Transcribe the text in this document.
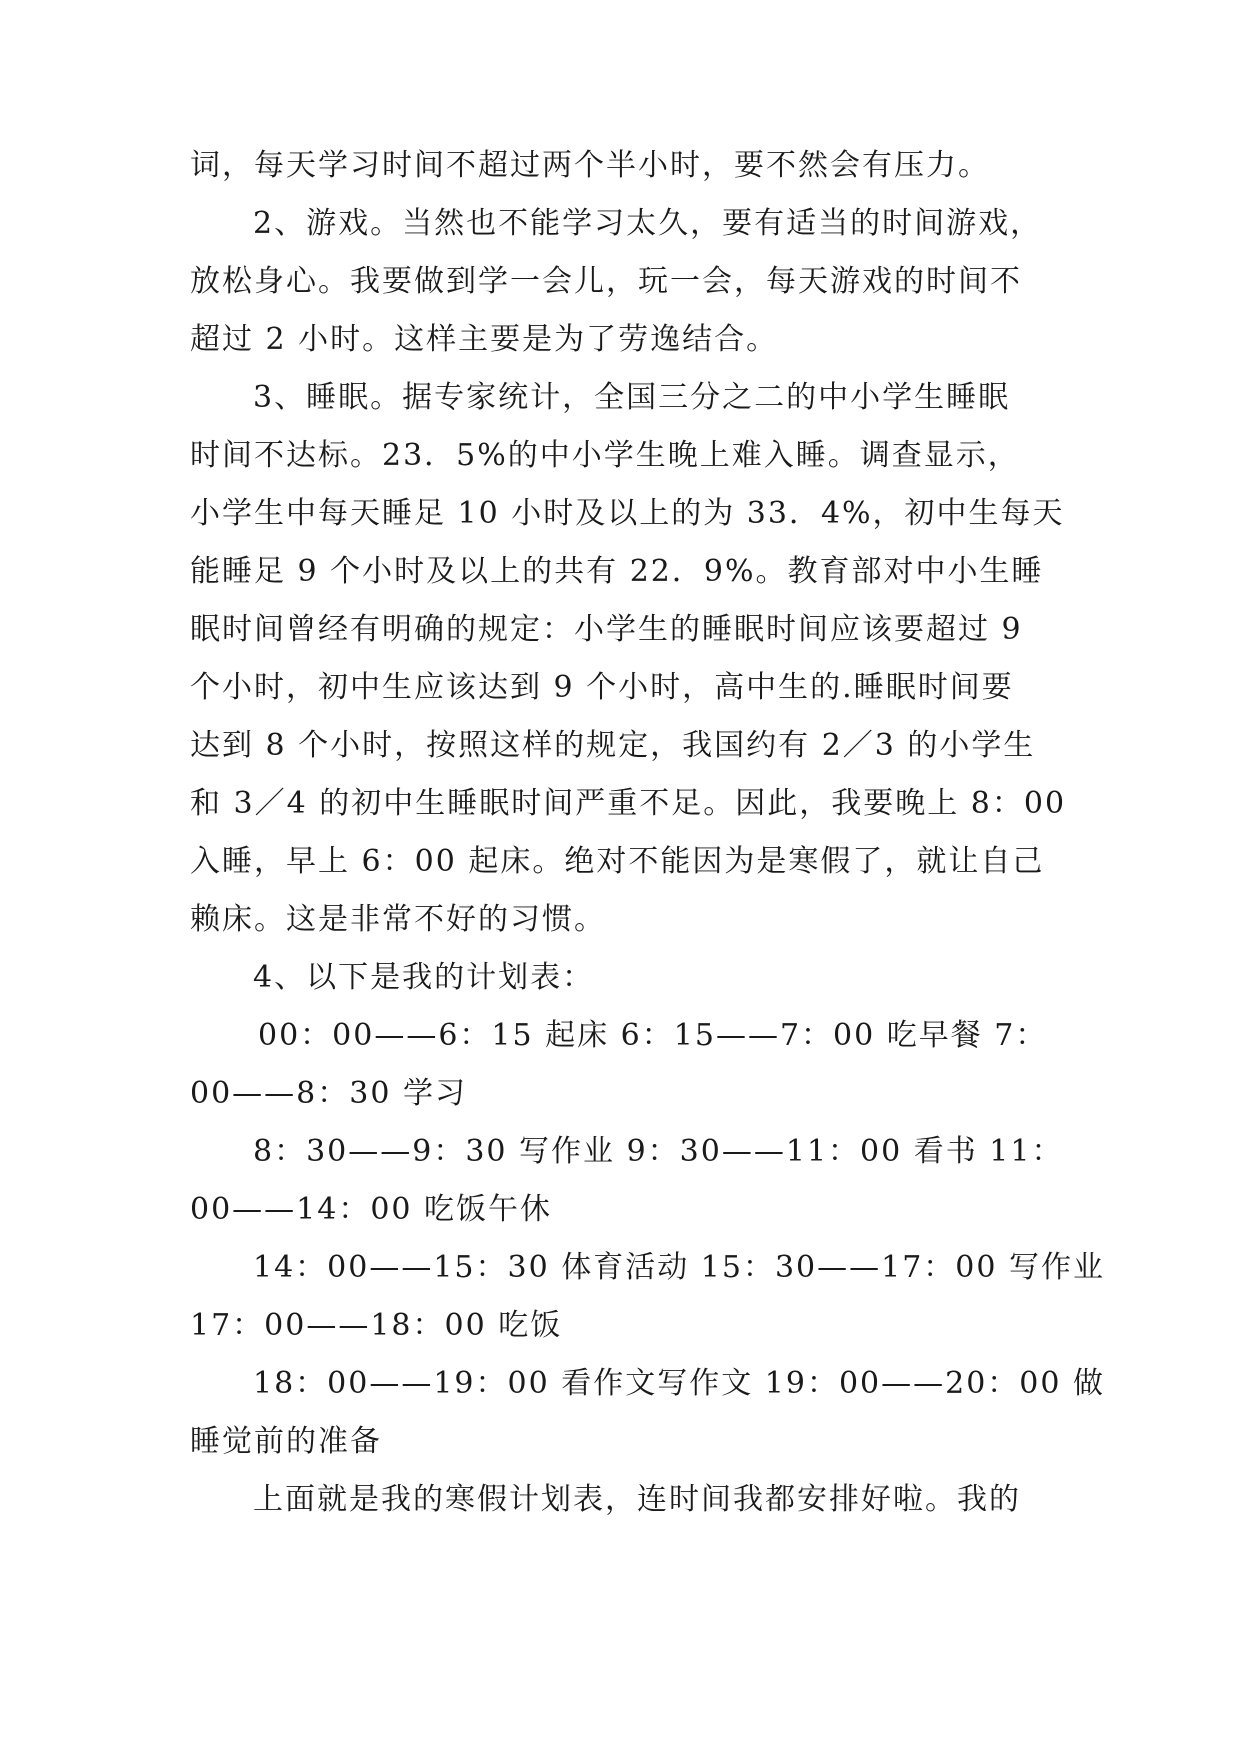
词，每天学习时间不超过两个半小时，要不然会有压力。
2、游戏。当然也不能学习太久，要有适当的时间游戏，
放松身心。我要做到学一会儿，玩一会，每天游戏的时间不
超过 2 小时。这样主要是为了劳逸结合。
3、睡眠。据专家统计，全国三分之二的中小学生睡眠
时间不达标。23．5%的中小学生晚上难入睡。调查显示，
小学生中每天睡足 10 小时及以上的为 33．4%，初中生每天
能睡足 9 个小时及以上的共有 22．9%。教育部对中小生睡
眠时间曾经有明确的规定：小学生的睡眠时间应该要超过 9
个小时，初中生应该达到 9 个小时，高中生的.睡眠时间要
达到 8 个小时，按照这样的规定，我国约有 2／3 的小学生
和 3／4 的初中生睡眠时间严重不足。因此，我要晚上 8：00
入睡，早上 6：00 起床。绝对不能因为是寒假了，就让自己
赖床。这是非常不好的习惯。
4、以下是我的计划表：
00：00——6：15 起床 6：15——7：00 吃早餐 7：
00——8：30 学习
8：30——9：30 写作业 9：30——11：00 看书 11：
00——14：00 吃饭午休
14：00——15：30 体育活动 15：30——17：00 写作业
17：00——18：00 吃饭
18：00——19：00 看作文写作文 19：00——20：00 做
睡觉前的准备
上面就是我的寒假计划表，连时间我都安排好啦。我的
